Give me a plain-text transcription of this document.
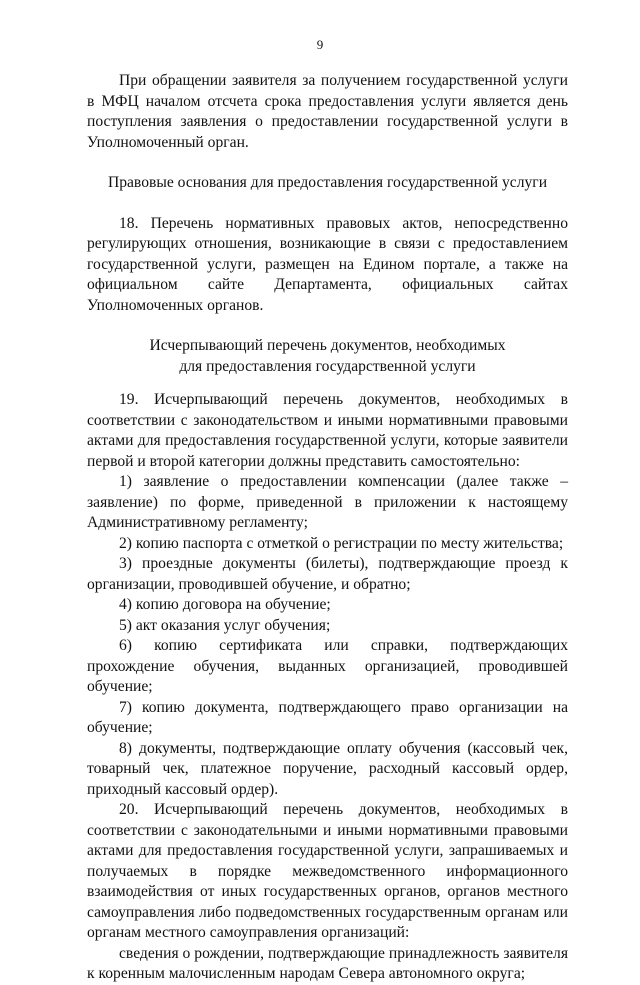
9

При обращении заявителя за получением государственной услуги в МФЦ началом отсчета срока предоставления услуги является день поступления заявления о предоставлении государственной услуги в Уполномоченный орган.

Правовые основания для предоставления государственной услуги

18. Перечень нормативных правовых актов, непосредственно регулирующих отношения, возникающие в связи с предоставлением государственной услуги, размещен на Едином портале, а также на официальном сайте Департамента, официальных сайтах Уполномоченных органов.

Исчерпывающий перечень документов, необходимых

для предоставления государственной услуги

19. Исчерпывающий перечень документов, необходимых в соответствии с законодательством и иными нормативными правовыми актами для предоставления государственной услуги, которые заявители первой и второй категории должны представить самостоятельно:

1) заявление о предоставлении компенсации (далее также – заявление) по форме, приведенной в приложении к настоящему Административному регламенту;

2) копию паспорта с отметкой о регистрации по месту жительства;

3) проездные документы (билеты), подтверждающие проезд к организации, проводившей обучение, и обратно;

4) копию договора на обучение;

5) акт оказания услуг обучения;

6) копию сертификата или справки, подтверждающих прохождение обучения, выданных организацией, проводившей обучение;

7) копию документа, подтверждающего право организации на обучение;

8) документы, подтверждающие оплату обучения (кассовый чек, товарный чек, платежное поручение, расходный кассовый ордер, приходный кассовый ордер).

20. Исчерпывающий перечень документов, необходимых в соответствии с законодательными и иными нормативными правовыми актами для предоставления государственной услуги, запрашиваемых и получаемых в порядке межведомственного информационного взаимодействия от иных государственных органов, органов местного самоуправления либо подведомственных государственным органам или органам местного самоуправления организаций:

сведения о рождении, подтверждающие принадлежность заявителя к коренным малочисленным народам Севера автономного округа;
